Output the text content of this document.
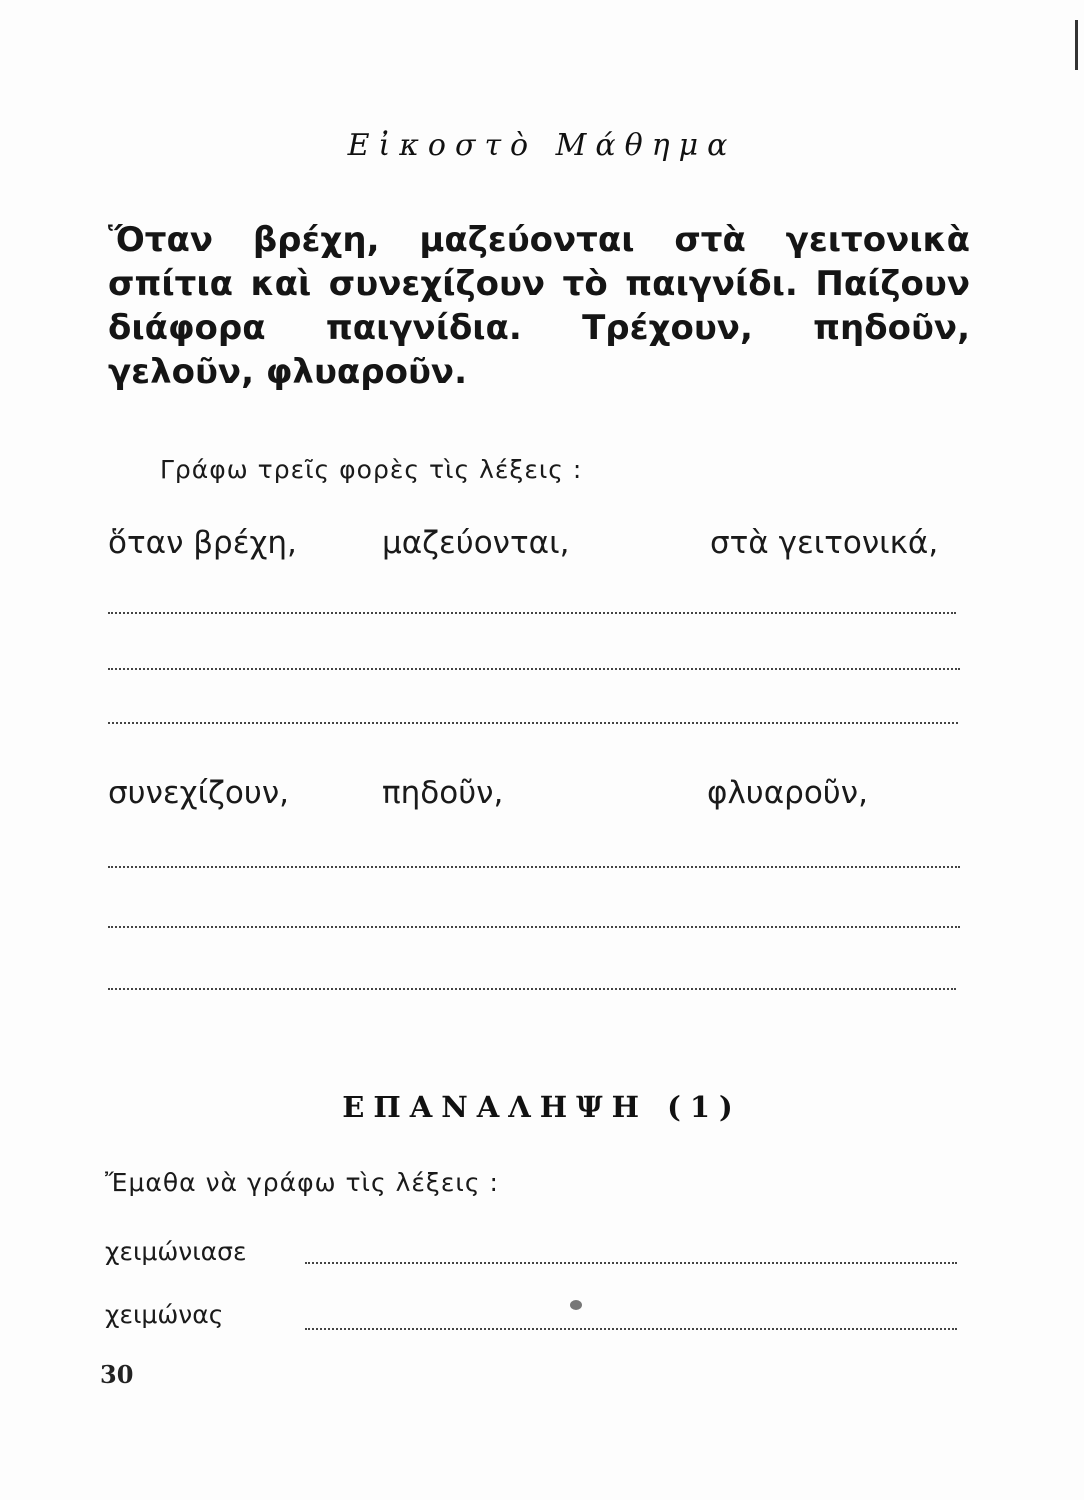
Εἰκοστὸ Μάθημα
Ὅταν βρέχη, μαζεύονται στὰ γειτονικὰ σπίτια καὶ συνεχίζουν τὸ παιγνίδι. Παίζουν διάφορα παιγνίδια. Τρέχουν, πηδοῦν, γελοῦν, φλυαροῦν.
Γράφω τρεῖς φορὲς τὶς λέξεις :
ὅταν βρέχη,	μαζεύονται,	στὰ γειτονικά,
συνεχίζουν,	πηδοῦν,	φλυαροῦν,
ΕΠΑΝΑΛΗΨΗ (1)
Ἔμαθα νὰ γράφω τὶς λέξεις :
χειμώνιασε
χειμώνας
30
